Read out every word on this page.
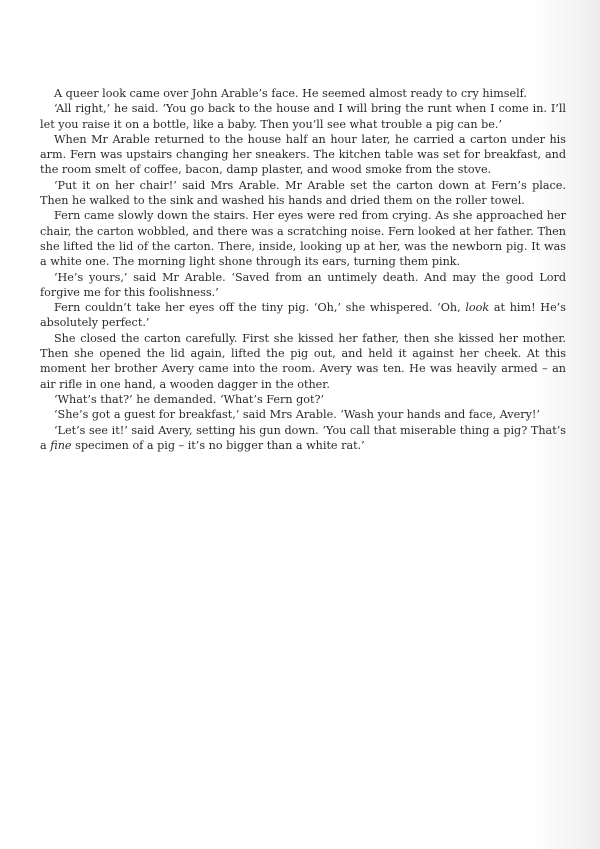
A queer look came over John Arable’s face. He seemed almost ready to cry himself.

‘All right,’ he said. ‘You go back to the house and I will bring the runt when I come in. I’ll let you raise it on a bottle, like a baby. Then you’ll see what trouble a pig can be.’

When Mr Arable returned to the house half an hour later, he carried a carton under his arm. Fern was upstairs changing her sneakers. The kitchen table was set for breakfast, and the room smelt of coffee, bacon, damp plaster, and wood smoke from the stove.

‘Put it on her chair!’ said Mrs Arable. Mr Arable set the carton down at Fern’s place. Then he walked to the sink and washed his hands and dried them on the roller towel.

Fern came slowly down the stairs. Her eyes were red from crying. As she approached her chair, the carton wobbled, and there was a scratching noise. Fern looked at her father. Then she lifted the lid of the carton. There, inside, looking up at her, was the newborn pig. It was a white one. The morning light shone through its ears, turning them pink.

‘He’s yours,’ said Mr Arable. ‘Saved from an untimely death. And may the good Lord forgive me for this foolishness.’

Fern couldn’t take her eyes off the tiny pig. ‘Oh,’ she whispered. ‘Oh, look at him! He’s absolutely perfect.’

She closed the carton carefully. First she kissed her father, then she kissed her mother. Then she opened the lid again, lifted the pig out, and held it against her cheek. At this moment her brother Avery came into the room. Avery was ten. He was heavily armed – an air rifle in one hand, a wooden dagger in the other.

‘What’s that?’ he demanded. ‘What’s Fern got?’

‘She’s got a guest for breakfast,’ said Mrs Arable. ‘Wash your hands and face, Avery!’

‘Let’s see it!’ said Avery, setting his gun down. ‘You call that miserable thing a pig? That’s a fine specimen of a pig – it’s no bigger than a white rat.’
